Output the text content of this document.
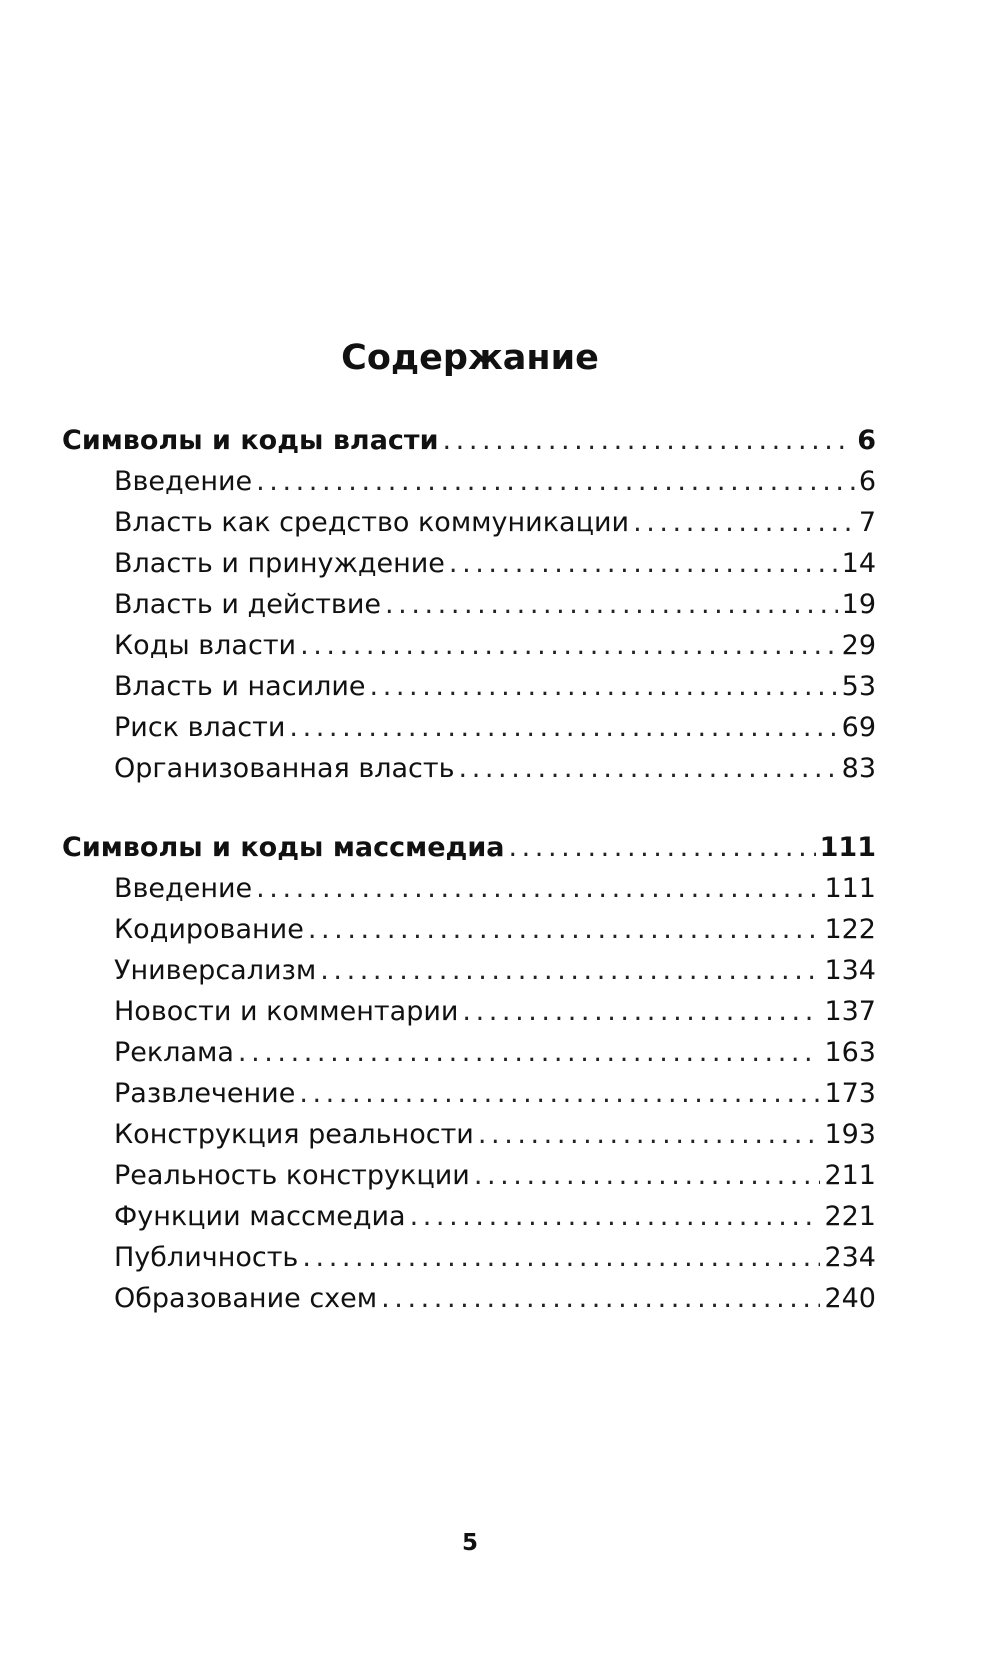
Содержание
Символы и коды власти . . .	6
Введение . . .	6
Власть как средство коммуникации . . .	7
Власть и принуждение . . .	14
Власть и действие . . .	19
Коды власти . . .	29
Власть и насилие . . .	53
Риск власти . . .	69
Организованная власть . . .	83
Символы и коды массмедиа . . .	111
Введение . . .	111
Кодирование . . .	122
Универсализм . . .	134
Новости и комментарии . . .	137
Реклама . . .	163
Развлечение . . .	173
Конструкция реальности . . .	193
Реальность конструкции . . .	211
Функции массмедиа . . .	221
Публичность . . .	234
Образование схем . . .	240
5
